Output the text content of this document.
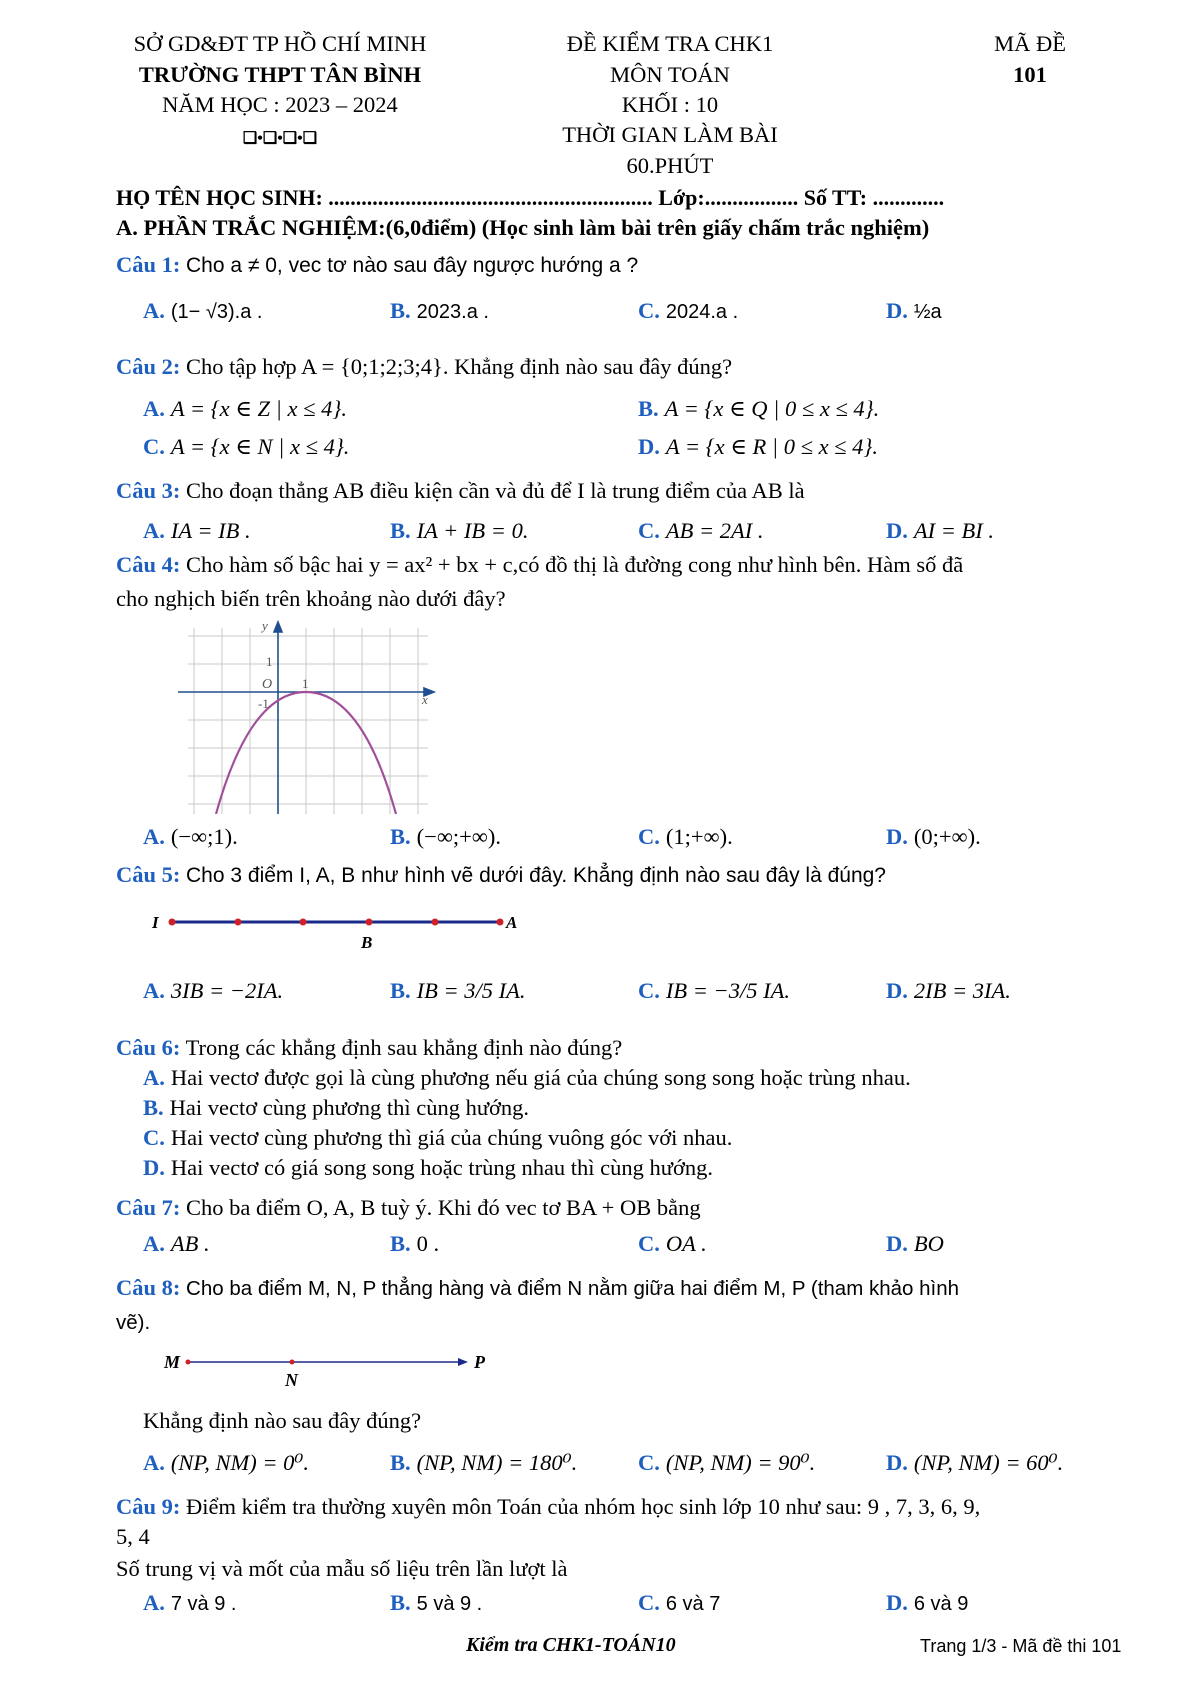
SỞ GD&ĐT TP HỒ CHÍ MINH
TRƯỜNG THPT TÂN BÌNH
NĂM HỌC : 2023 – 2024
❑•❑•❑•❑
ĐỀ KIỂM TRA CHK1
MÔN TOÁN
KHỐI : 10
THỜI GIAN LÀM BÀI
60.PHÚT
MÃ ĐỀ
101
HỌ TÊN HỌC SINH: ........................................................... Lớp:................. Số TT: .............
A. PHẦN TRẮC NGHIỆM:(6,0điểm) (Học sinh làm bài trên giấy chấm trắc nghiệm)
Câu 1: Cho a ≠ 0, vec tơ nào sau đây ngược hướng a ?
A. (1− √3).a .	B. 2023.a .	C. 2024.a .	D. ½a
Câu 2: Cho tập hợp A = {0;1;2;3;4}. Khẳng định nào sau đây đúng?
A. A = {x ∈ Z | x ≤ 4}.	B. A = {x ∈ Q | 0 ≤ x ≤ 4}.
C. A = {x ∈ N | x ≤ 4}.	D. A = {x ∈ R | 0 ≤ x ≤ 4}.
Câu 3: Cho đoạn thẳng AB điều kiện cần và đủ để I là trung điểm của AB là
A. IA = IB .	B. IA + IB = 0.	C. AB = 2AI .	D. AI = BI .
Câu 4: Cho hàm số bậc hai y = ax² + bx + c,có đồ thị là đường cong như hình bên. Hàm số đã
cho nghịch biến trên khoảng nào dưới đây?
y
x
O
1
1
-1
A. (−∞;1).	B. (−∞;+∞).	C. (1;+∞).	D. (0;+∞).
Câu 5: Cho 3 điểm I, A, B như hình vẽ dưới đây. Khẳng định nào sau đây là đúng?
I	A
B
A. 3IB = −2IA.	B. IB = 3/5 IA.	C. IB = −3/5 IA.	D. 2IB = 3IA.
Câu 6: Trong các khẳng định sau khẳng định nào đúng?
A. Hai vectơ được gọi là cùng phương nếu giá của chúng song song hoặc trùng nhau.
B. Hai vectơ cùng phương thì cùng hướng.
C. Hai vectơ cùng phương thì giá của chúng vuông góc với nhau.
D. Hai vectơ có giá song song hoặc trùng nhau thì cùng hướng.
Câu 7: Cho ba điểm O, A, B tuỳ ý. Khi đó vec tơ BA + OB bằng
A. AB .	B. 0 .	C. OA .	D. BO
Câu 8: Cho ba điểm M, N, P thẳng hàng và điểm N nằm giữa hai điểm M, P (tham khảo hình
vẽ).
M
N
P
Khẳng định nào sau đây đúng?
A. (NP, NM) = 0⁰.	B. (NP, NM) = 180⁰.	C. (NP, NM) = 90⁰.	D. (NP, NM) = 60⁰.
Câu 9: Điểm kiểm tra thường xuyên môn Toán của nhóm học sinh lớp 10 như sau: 9 , 7, 3, 6, 9,
5, 4
Số trung vị và mốt của mẫu số liệu trên lần lượt là
A. 7 và 9 .	B. 5 và 9 .	C. 6 và 7	D. 6 và 9
Kiểm tra CHK1-TOÁN10	Trang 1/3 - Mã đề thi 101
